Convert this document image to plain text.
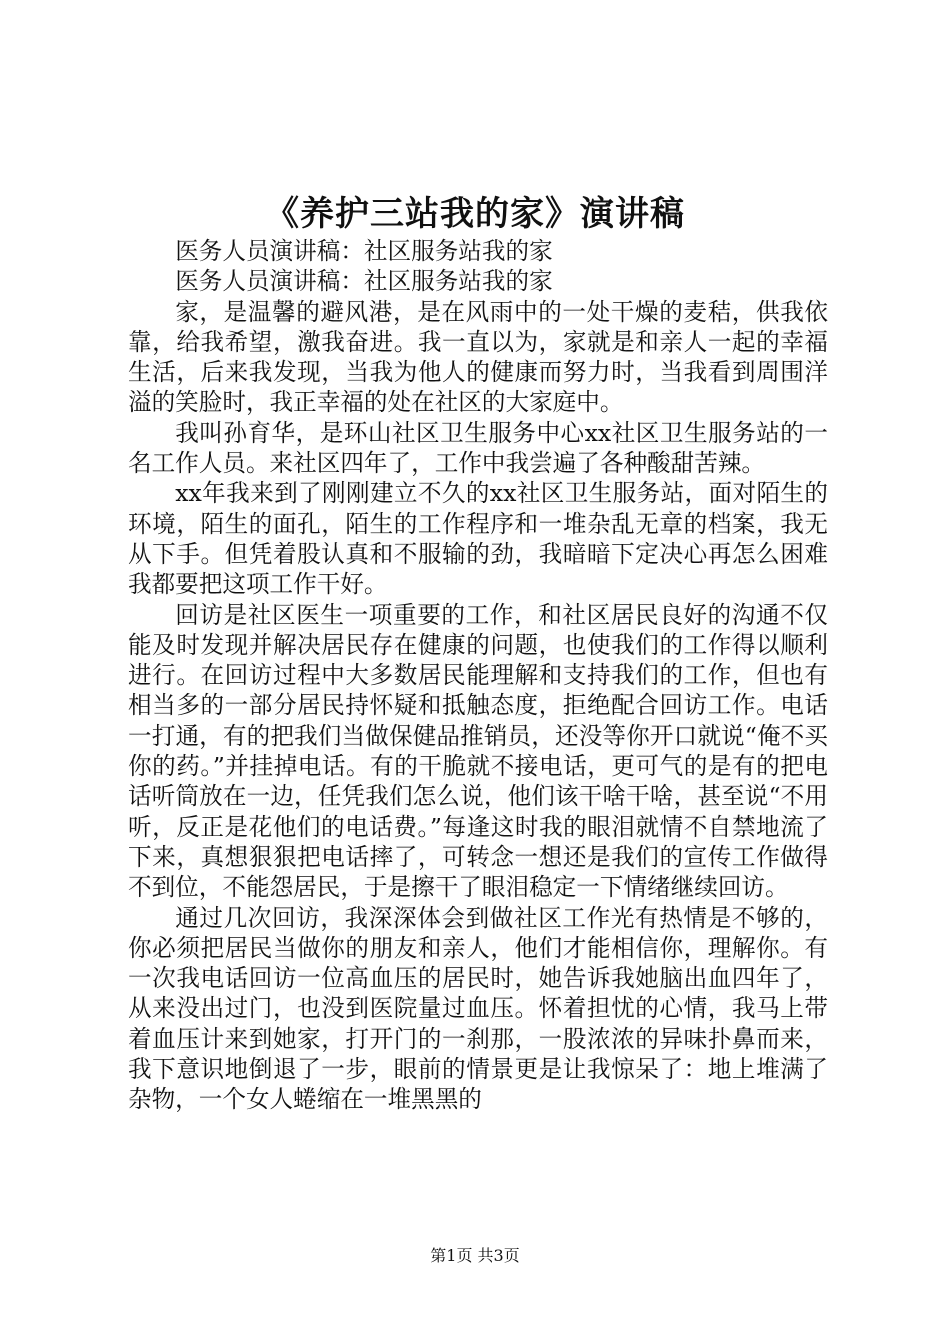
《养护三站我的家》演讲稿

医务人员演讲稿：社区服务站我的家

医务人员演讲稿：社区服务站我的家

家，是温馨的避风港，是在风雨中的一处干燥的麦秸，供我依靠，给我希望，激我奋进。我一直以为，家就是和亲人一起的幸福生活，后来我发现，当我为他人的健康而努力时，当我看到周围洋溢的笑脸时，我正幸福的处在社区的大家庭中。

我叫孙育华，是环山社区卫生服务中心xx社区卫生服务站的一名工作人员。来社区四年了，工作中我尝遍了各种酸甜苦辣。

xx年我来到了刚刚建立不久的xx社区卫生服务站，面对陌生的环境，陌生的面孔，陌生的工作程序和一堆杂乱无章的档案，我无从下手。但凭着股认真和不服输的劲，我暗暗下定决心再怎么困难我都要把这项工作干好。

回访是社区医生一项重要的工作，和社区居民良好的沟通不仅能及时发现并解决居民存在健康的问题，也使我们的工作得以顺利进行。在回访过程中大多数居民能理解和支持我们的工作，但也有相当多的一部分居民持怀疑和抵触态度，拒绝配合回访工作。电话一打通，有的把我们当做保健品推销员，还没等你开口就说“俺不买你的药。”并挂掉电话。有的干脆就不接电话，更可气的是有的把电话听筒放在一边，任凭我们怎么说，他们该干啥干啥，甚至说“不用听，反正是花他们的电话费。”每逢这时我的眼泪就情不自禁地流了下来，真想狠狠把电话摔了，可转念一想还是我们的宣传工作做得不到位，不能怨居民，于是擦干了眼泪稳定一下情绪继续回访。

通过几次回访，我深深体会到做社区工作光有热情是不够的，你必须把居民当做你的朋友和亲人，他们才能相信你，理解你。有一次我电话回访一位高血压的居民时，她告诉我她脑出血四年了，从来没出过门，也没到医院量过血压。怀着担忧的心情，我马上带着血压计来到她家，打开门的一刹那，一股浓浓的异味扑鼻而来，我下意识地倒退了一步，眼前的情景更是让我惊呆了：地上堆满了杂物，一个女人蜷缩在一堆黑黑的

第1页 共3页
